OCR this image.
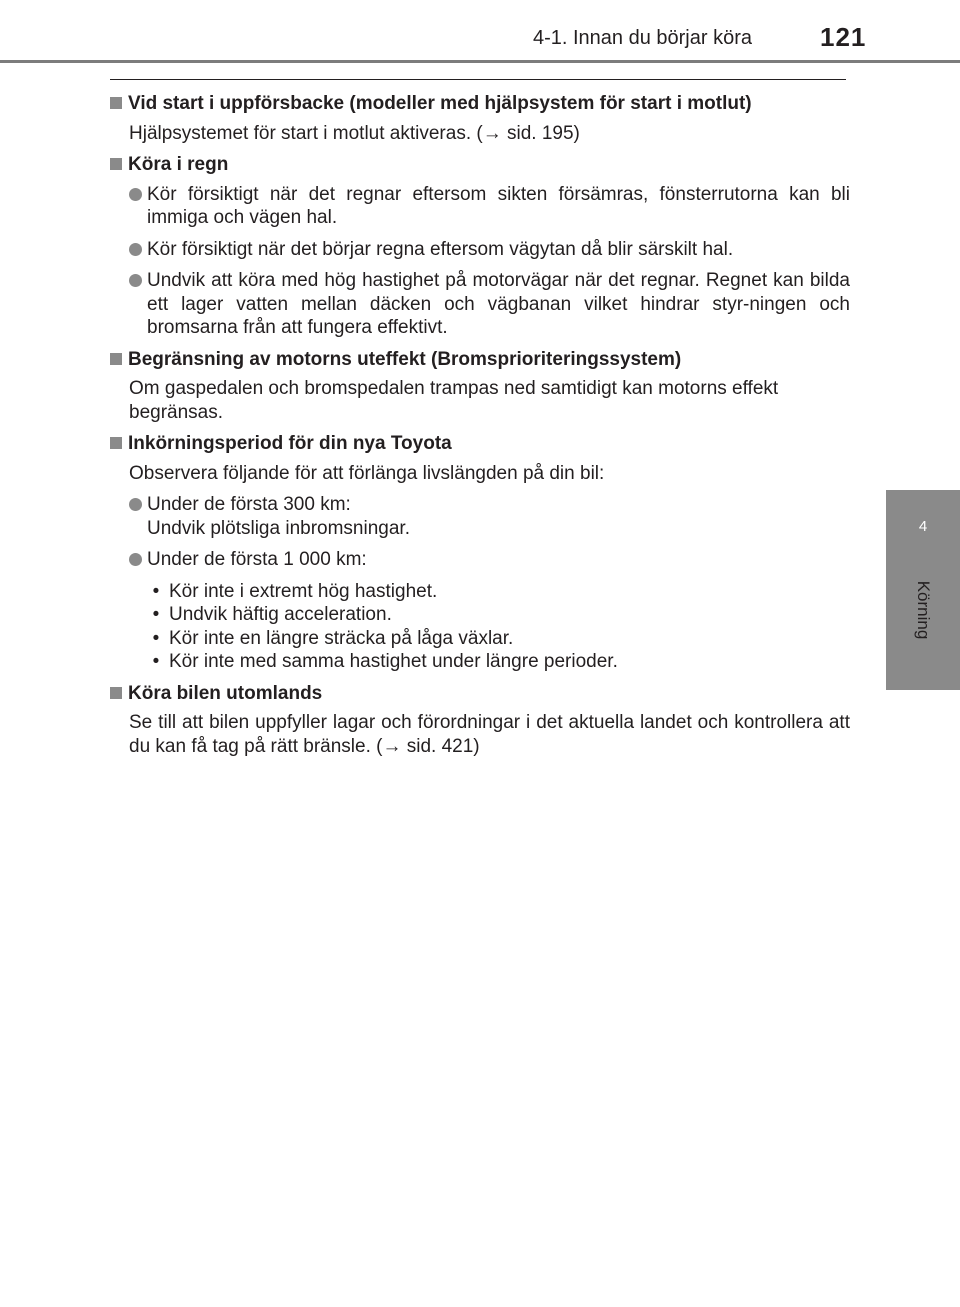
4-1. Innan du börjar köra	121
4
Körning
Vid start i uppförsbacke (modeller med hjälpsystem för start i motlut)
Hjälpsystemet för start i motlut aktiveras. (→ sid. 195)
Köra i regn
Kör försiktigt när det regnar eftersom sikten försämras, fönsterrutorna kan bli immiga och vägen hal.
Kör försiktigt när det börjar regna eftersom vägytan då blir särskilt hal.
Undvik att köra med hög hastighet på motorvägar när det regnar. Regnet kan bilda ett lager vatten mellan däcken och vägbanan vilket hindrar styr-ningen och bromsarna från att fungera effektivt.
Begränsning av motorns uteffekt (Bromsprioriteringssystem)
Om gaspedalen och bromspedalen trampas ned samtidigt kan motorns effekt begränsas.
Inkörningsperiod för din nya Toyota
Observera följande för att förlänga livslängden på din bil:
Under de första 300 km:
Undvik plötsliga inbromsningar.
Under de första 1 000 km:
• Kör inte i extremt hög hastighet.
• Undvik häftig acceleration.
• Kör inte en längre sträcka på låga växlar.
• Kör inte med samma hastighet under längre perioder.
Köra bilen utomlands
Se till att bilen uppfyller lagar och förordningar i det aktuella landet och kontrollera att du kan få tag på rätt bränsle. (→ sid. 421)
